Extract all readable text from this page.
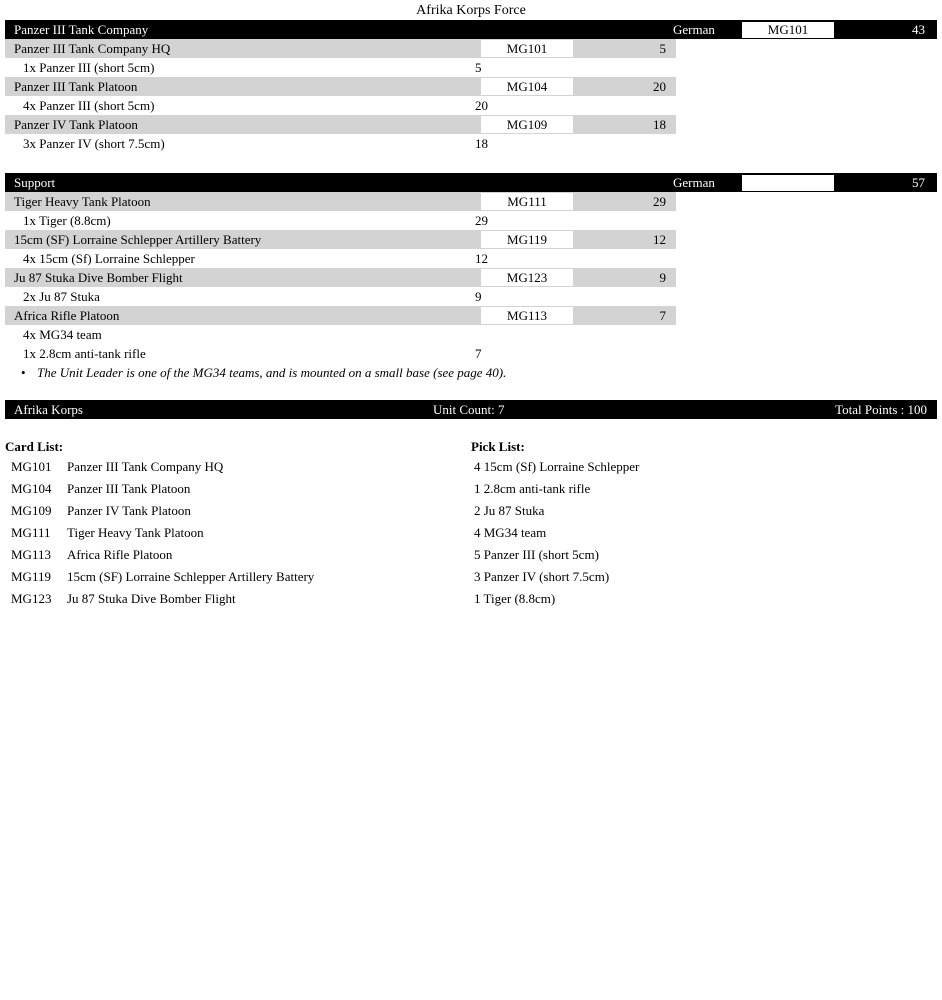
Afrika Korps Force
Panzer III Tank Company	German	MG101	43
Panzer III Tank Company HQ	MG101	5
1x Panzer III (short 5cm)	5
Panzer III Tank Platoon	MG104	20
4x Panzer III (short 5cm)	20
Panzer IV Tank Platoon	MG109	18
3x Panzer IV (short 7.5cm)	18
Support	German	57
Tiger Heavy Tank Platoon	MG111	29
1x Tiger (8.8cm)	29
15cm (SF) Lorraine Schlepper Artillery Battery	MG119	12
4x 15cm (Sf) Lorraine Schlepper	12
Ju 87 Stuka Dive Bomber Flight	MG123	9
2x Ju 87 Stuka	9
Africa Rifle Platoon	MG113	7
4x MG34 team
1x 2.8cm anti-tank rifle	7
• The Unit Leader is one of the MG34 teams, and is mounted on a small base (see page 40).
Afrika Korps	Unit Count: 7	Total Points : 100
Card List:
MG101 Panzer III Tank Company HQ
MG104 Panzer III Tank Platoon
MG109 Panzer IV Tank Platoon
MG111 Tiger Heavy Tank Platoon
MG113 Africa Rifle Platoon
MG119 15cm (SF) Lorraine Schlepper Artillery Battery
MG123 Ju 87 Stuka Dive Bomber Flight
Pick List:
4 15cm (Sf) Lorraine Schlepper
1 2.8cm anti-tank rifle
2 Ju 87 Stuka
4 MG34 team
5 Panzer III (short 5cm)
3 Panzer IV (short 7.5cm)
1 Tiger (8.8cm)
